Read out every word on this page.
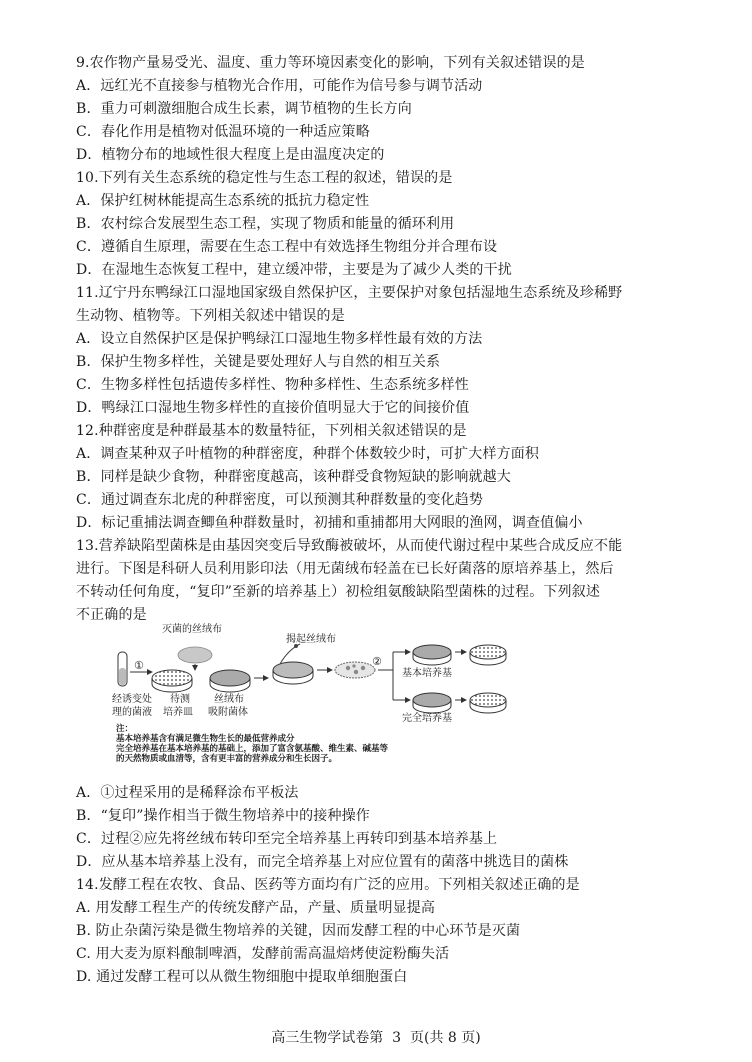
9.农作物产量易受光、温度、重力等环境因素变化的影响，下列有关叙述错误的是
A．远红光不直接参与植物光合作用，可能作为信号参与调节活动
B．重力可刺激细胞合成生长素，调节植物的生长方向
C．春化作用是植物对低温环境的一种适应策略
D．植物分布的地域性很大程度上是由温度决定的
10.下列有关生态系统的稳定性与生态工程的叙述，错误的是
A．保护红树林能提高生态系统的抵抗力稳定性
B．农村综合发展型生态工程，实现了物质和能量的循环利用
C．遵循自生原理，需要在生态工程中有效选择生物组分并合理布设
D．在湿地生态恢复工程中，建立缓冲带，主要是为了减少人类的干扰
11.辽宁丹东鸭绿江口湿地国家级自然保护区，主要保护对象包括湿地生态系统及珍稀野
生动物、植物等。下列相关叙述中错误的是
A．设立自然保护区是保护鸭绿江口湿地生物多样性最有效的方法
B．保护生物多样性，关键是要处理好人与自然的相互关系
C．生物多样性包括遗传多样性、物种多样性、生态系统多样性
D．鸭绿江口湿地生物多样性的直接价值明显大于它的间接价值
12.种群密度是种群最基本的数量特征，下列相关叙述错误的是
A．调查某种双子叶植物的种群密度，种群个体数较少时，可扩大样方面积
B．同样是缺少食物，种群密度越高，该种群受食物短缺的影响就越大
C．通过调查东北虎的种群密度，可以预测其种群数量的变化趋势
D．标记重捕法调查鲫鱼种群数量时，初捕和重捕都用大网眼的渔网，调查值偏小
13.营养缺陷型菌株是由基因突变后导致酶被破坏，从而使代谢过程中某些合成反应不能
进行。下图是科研人员利用影印法（用无菌绒布轻盖在已长好菌落的原培养基上，然后
不转动任何角度，“复印”至新的培养基上）初检组氨酸缺陷型菌株的过程。下列叙述
不正确的是
A．①过程采用的是稀释涂布平板法
B．“复印”操作相当于微生物培养中的接种操作
C．过程②应先将丝绒布转印至完全培养基上再转印到基本培养基上
D．应从基本培养基上没有，而完全培养基上对应位置有的菌落中挑选目的菌株
14.发酵工程在农牧、食品、医药等方面均有广泛的应用。下列相关叙述正确的是
A. 用发酵工程生产的传统发酵产品，产量、质量明显提高
B. 防止杂菌污染是微生物培养的关键，因而发酵工程的中心环节是灭菌
C. 用大麦为原料酿制啤酒，发酵前需高温焙烤使淀粉酶失活
D. 通过发酵工程可以从微生物细胞中提取单细胞蛋白
灭菌的丝绒布
①
揭起丝绒布
②
经诱变处
理的菌液
待测
培养皿
丝绒布
吸附菌体
基本培养基
完全培养基
注：
基本培养基含有满足微生物生长的最低营养成分
完全培养基在基本培养基的基础上，添加了富含氨基酸、维生素、碱基等
的天然物质或血清等，含有更丰富的营养成分和生长因子。
高三生物学试卷第 3 页(共 8 页)
